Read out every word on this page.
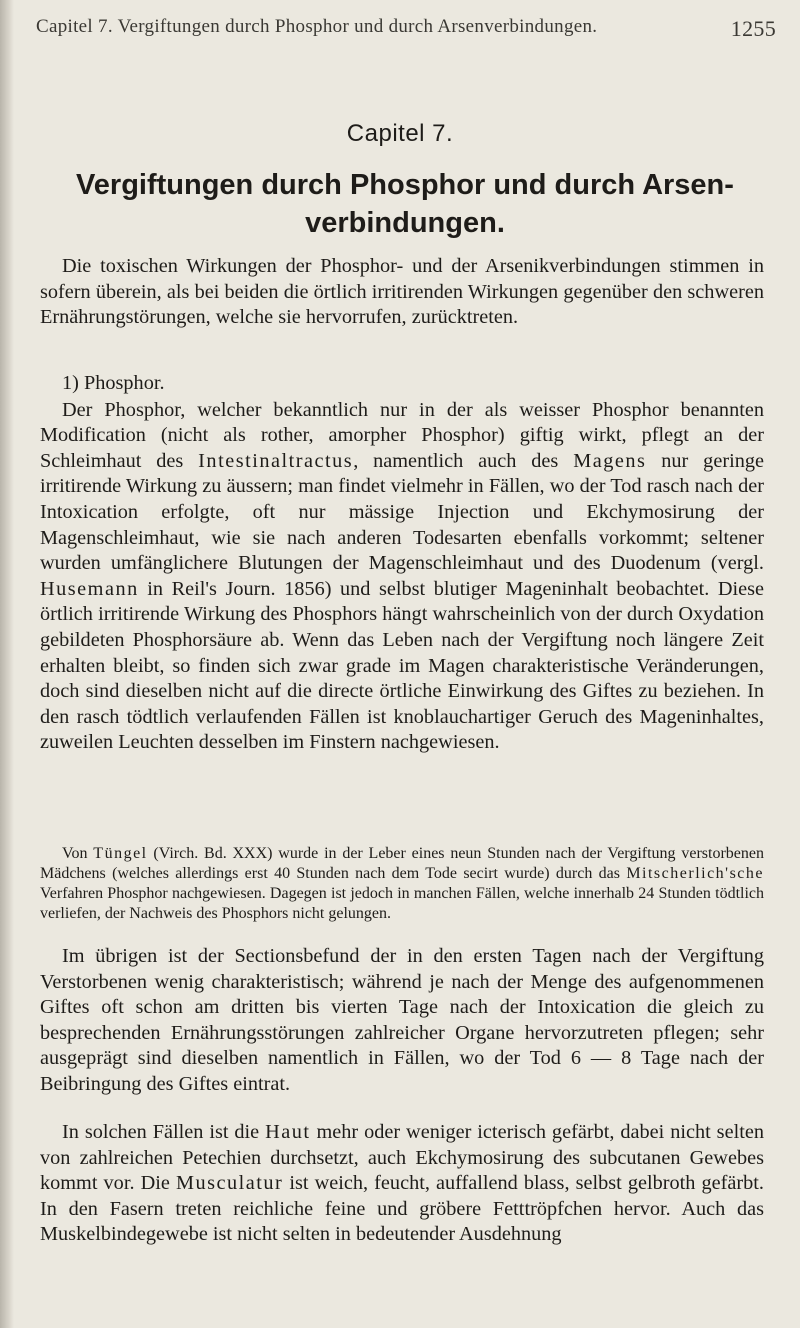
Capitel 7. Vergiftungen durch Phosphor und durch Arsenverbindungen.	1255
Capitel 7.
Vergiftungen durch Phosphor und durch Arsen-verbindungen.

Die toxischen Wirkungen der Phosphor- und der Arsenikverbindungen stimmen in sofern überein, als bei beiden die örtlich irritirenden Wirkungen gegenüber den schweren Ernährungstörungen, welche sie hervorrufen, zurücktreten.

1) Phosphor.

Der Phosphor, welcher bekanntlich nur in der als weisser Phosphor benannten Modification (nicht als rother, amorpher Phosphor) giftig wirkt, pflegt an der Schleimhaut des Intestinaltractus, namentlich auch des Magens nur geringe irritirende Wirkung zu äussern; man findet vielmehr in Fällen, wo der Tod rasch nach der Intoxication erfolgte, oft nur mässige Injection und Ekchymosirung der Magenschleimhaut, wie sie nach anderen Todesarten ebenfalls vorkommt; seltener wurden umfänglichere Blutungen der Magenschleimhaut und des Duodenum (vergl. Husemann in Reil's Journ. 1856) und selbst blutiger Mageninhalt beobachtet. Diese örtlich irritirende Wirkung des Phosphors hängt wahrscheinlich von der durch Oxydation gebildeten Phosphorsäure ab. Wenn das Leben nach der Vergiftung noch längere Zeit erhalten bleibt, so finden sich zwar grade im Magen charakteristische Veränderungen, doch sind dieselben nicht auf die directe örtliche Einwirkung des Giftes zu beziehen. In den rasch tödtlich verlaufenden Fällen ist knoblauchartiger Geruch des Mageninhaltes, zuweilen Leuchten desselben im Finstern nachgewiesen.

Von Tüngel (Virch. Bd. XXX) wurde in der Leber eines neun Stunden nach der Vergiftung verstorbenen Mädchens (welches allerdings erst 40 Stunden nach dem Tode secirt wurde) durch das Mitscherlich'sche Verfahren Phosphor nachgewiesen. Dagegen ist jedoch in manchen Fällen, welche innerhalb 24 Stunden tödtlich verliefen, der Nachweis des Phosphors nicht gelungen.

Im übrigen ist der Sectionsbefund der in den ersten Tagen nach der Vergiftung Verstorbenen wenig charakteristisch; während je nach der Menge des aufgenommenen Giftes oft schon am dritten bis vierten Tage nach der Intoxication die gleich zu besprechenden Ernährungsstörungen zahlreicher Organe hervorzutreten pflegen; sehr ausgeprägt sind dieselben namentlich in Fällen, wo der Tod 6 — 8 Tage nach der Beibringung des Giftes eintrat.

In solchen Fällen ist die Haut mehr oder weniger icterisch gefärbt, dabei nicht selten von zahlreichen Petechien durchsetzt, auch Ekchymosirung des subcutanen Gewebes kommt vor. Die Musculatur ist weich, feucht, auffallend blass, selbst gelbroth gefärbt. In den Fasern treten reichliche feine und gröbere Fetttröpfchen hervor. Auch das Muskelbindegewebe ist nicht selten in bedeutender Ausdehnung
